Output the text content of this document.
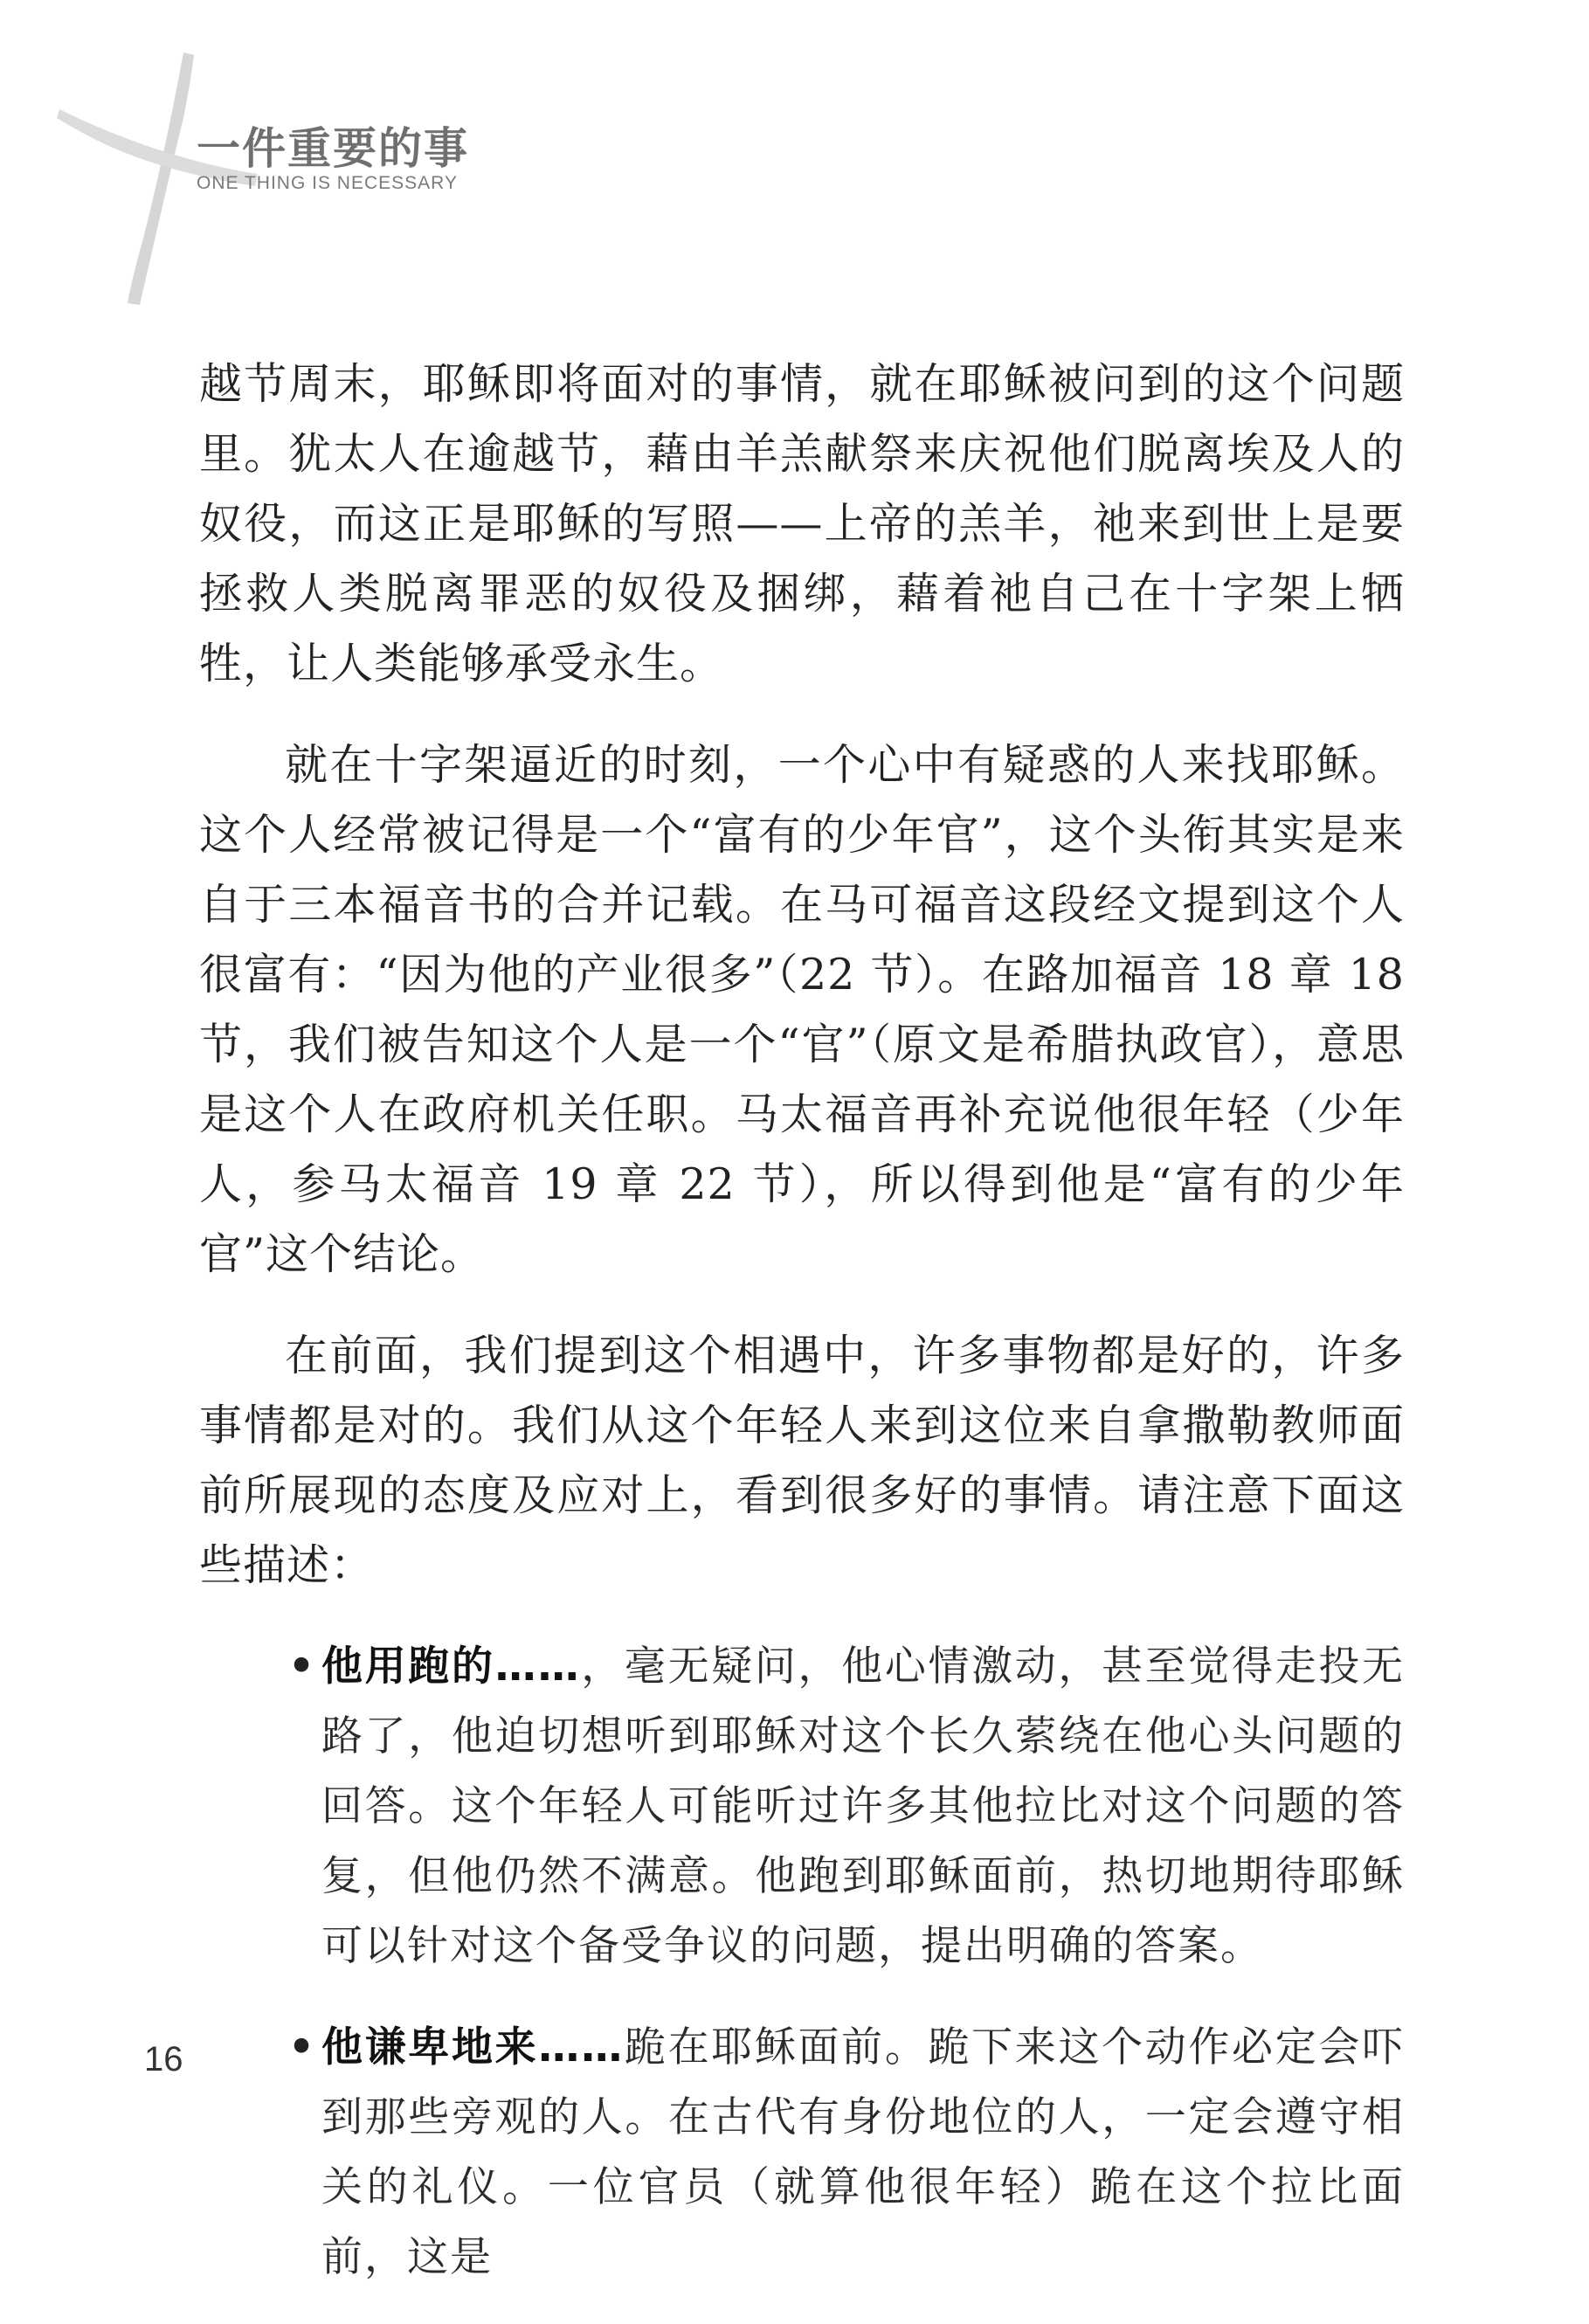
一件重要的事
ONE THING IS NECESSARY

越节周末，耶稣即将面对的事情，就在耶稣被问到的这个问题里。犹太人在逾越节，藉由羊羔献祭来庆祝他们脱离埃及人的奴役，而这正是耶稣的写照——上帝的羔羊，祂来到世上是要拯救人类脱离罪恶的奴役及捆绑，藉着祂自己在十字架上牺牲，让人类能够承受永生。

就在十字架逼近的时刻，一个心中有疑惑的人来找耶稣。这个人经常被记得是一个“富有的少年官”，这个头衔其实是来自于三本福音书的合并记载。在马可福音这段经文提到这个人很富有：“因为他的产业很多”（22 节）。在路加福音 18 章 18 节，我们被告知这个人是一个“官”（原文是希腊执政官），意思是这个人在政府机关任职。马太福音再补充说他很年轻（少年人，参马太福音 19 章 22 节），所以得到他是“富有的少年官”这个结论。

在前面，我们提到这个相遇中，许多事物都是好的，许多事情都是对的。我们从这个年轻人来到这位来自拿撒勒教师面前所展现的态度及应对上，看到很多好的事情。请注意下面这些描述：

• 他用跑的……，毫无疑问，他心情激动，甚至觉得走投无路了，他迫切想听到耶稣对这个长久萦绕在他心头问题的回答。这个年轻人可能听过许多其他拉比对这个问题的答复，但他仍然不满意。他跑到耶稣面前，热切地期待耶稣可以针对这个备受争议的问题，提出明确的答案。
• 他谦卑地来……跪在耶稣面前。跪下来这个动作必定会吓到那些旁观的人。在古代有身份地位的人，一定会遵守相关的礼仪。一位官员（就算他很年轻）跪在这个拉比面前，这是
16
